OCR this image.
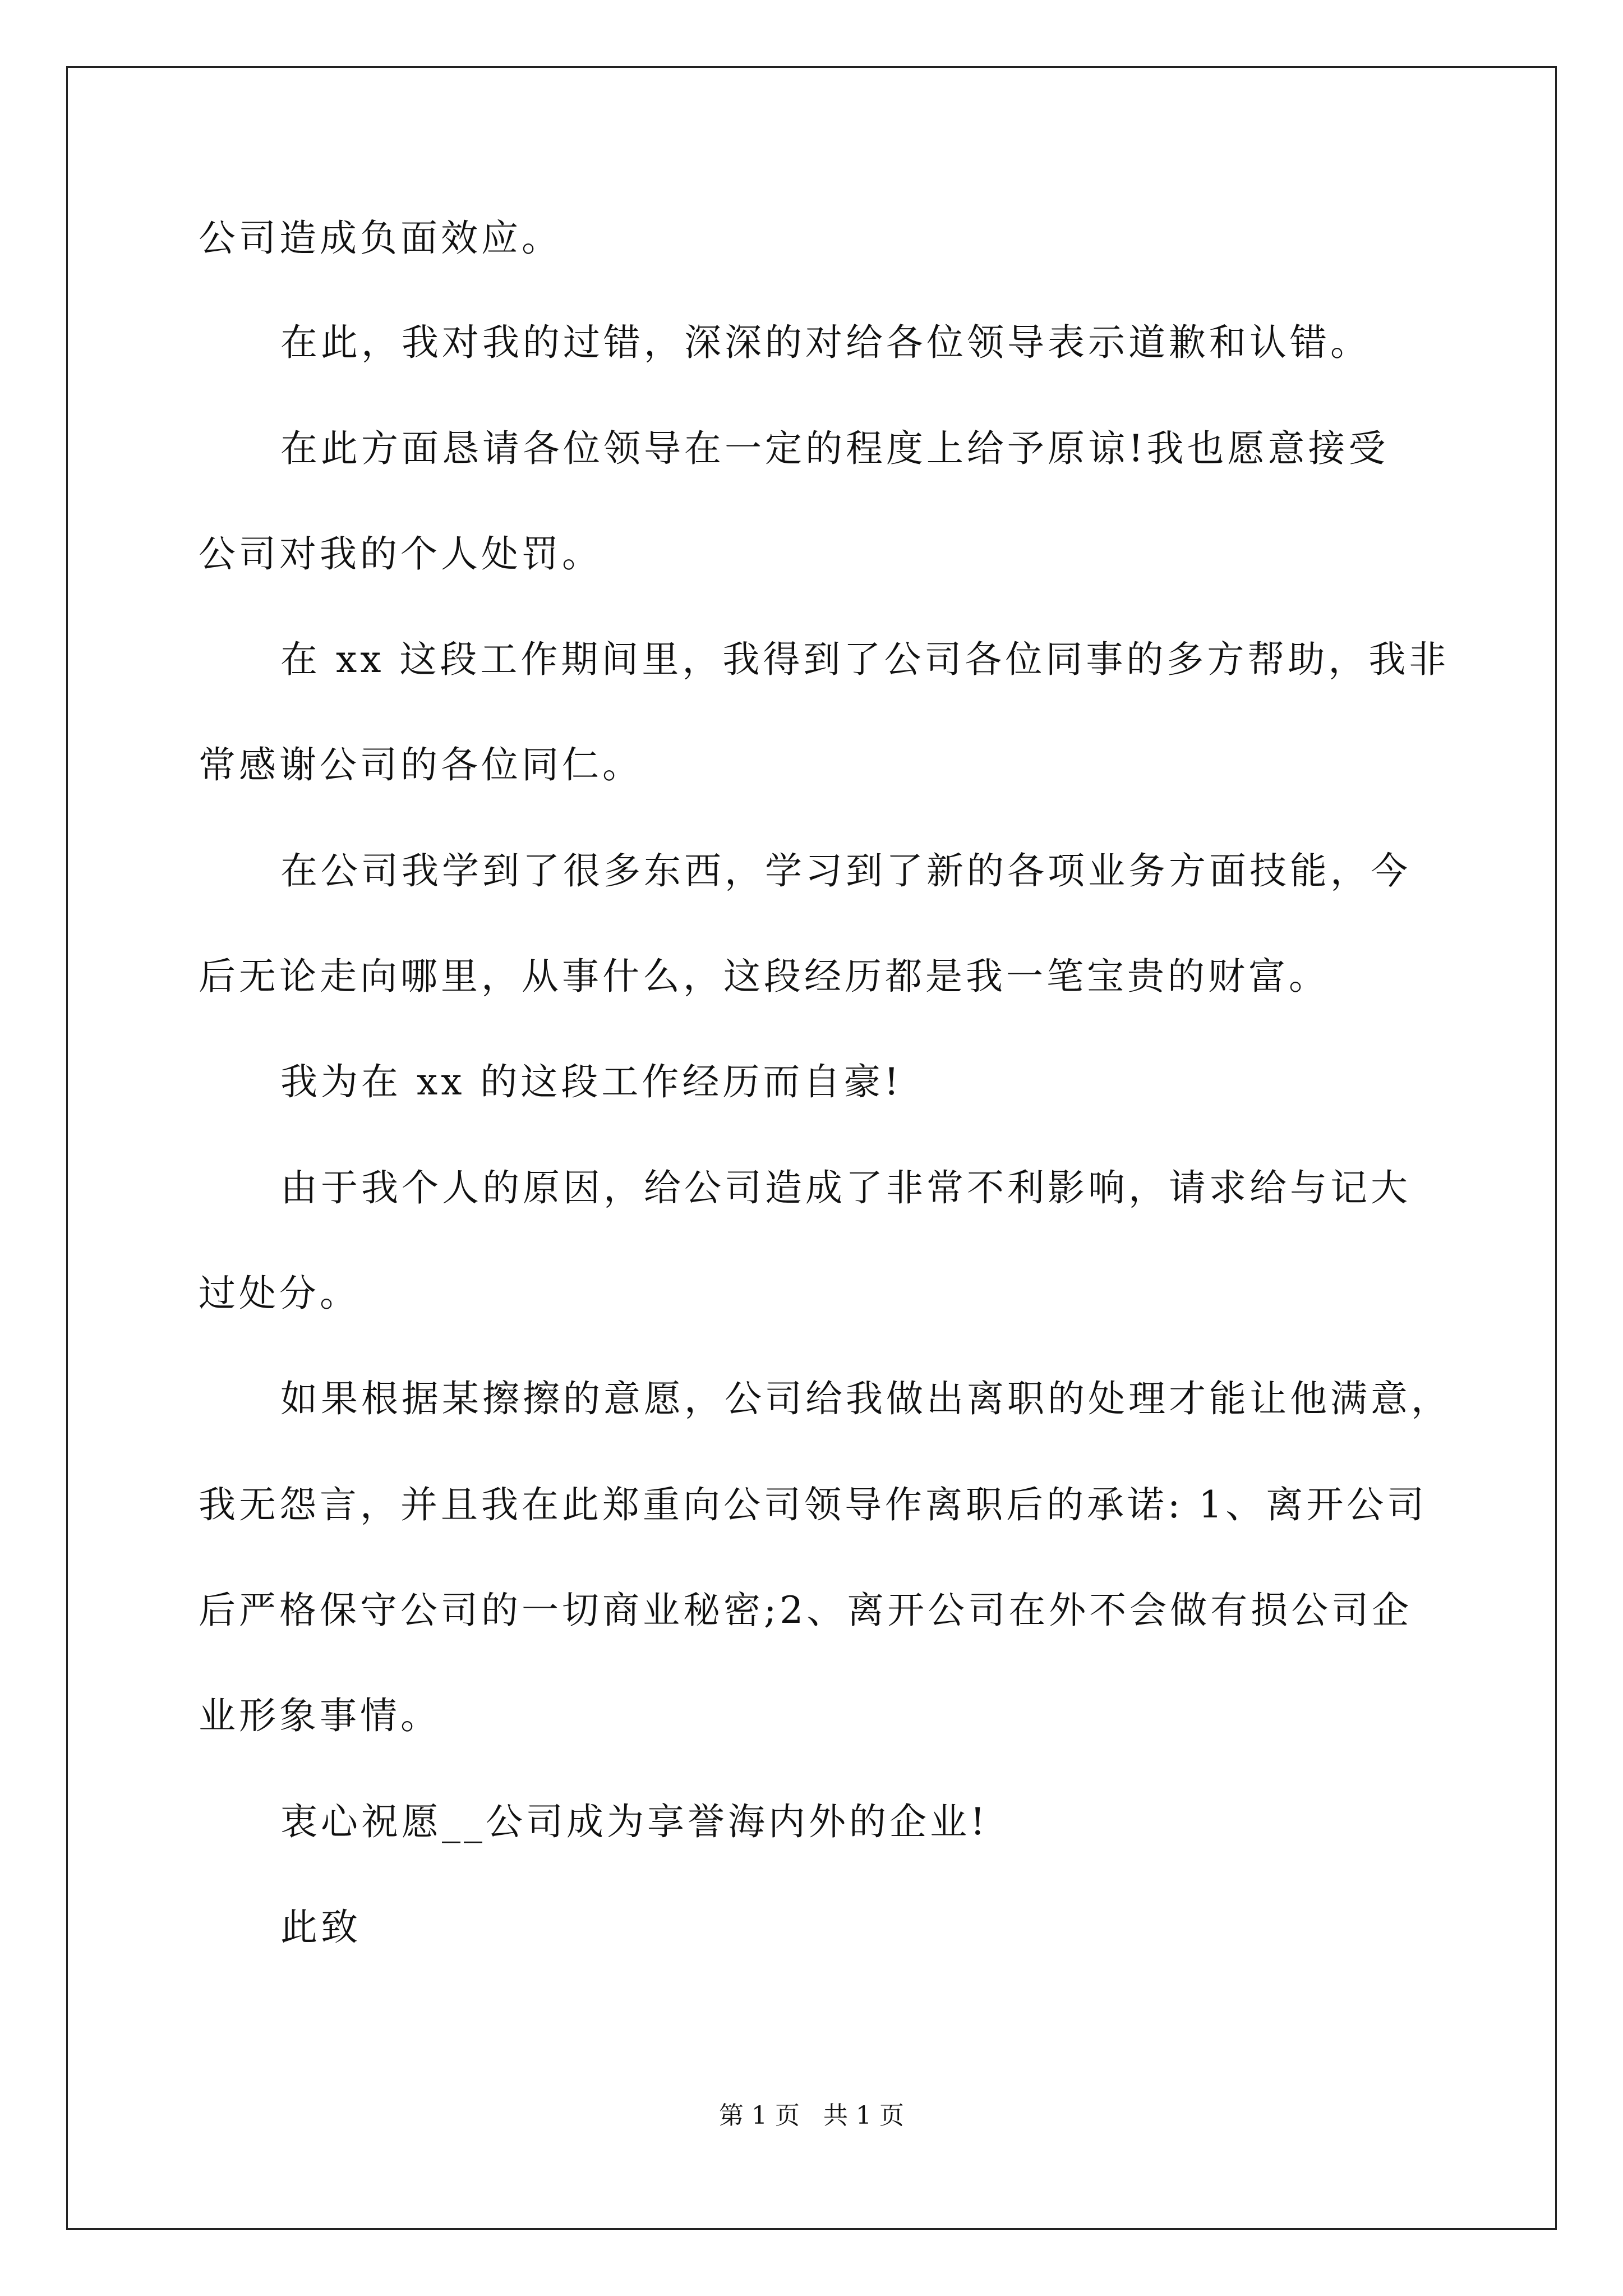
公司造成负面效应。
在此，我对我的过错，深深的对给各位领导表示道歉和认错。
在此方面恳请各位领导在一定的程度上给予原谅!我也愿意接受
公司对我的个人处罚。
在 xx 这段工作期间里，我得到了公司各位同事的多方帮助，我非
常感谢公司的各位同仁。
在公司我学到了很多东西，学习到了新的各项业务方面技能，今
后无论走向哪里，从事什么，这段经历都是我一笔宝贵的财富。
我为在 xx 的这段工作经历而自豪!
由于我个人的原因，给公司造成了非常不利影响，请求给与记大
过处分。
如果根据某擦擦的意愿，公司给我做出离职的处理才能让他满意，
我无怨言，并且我在此郑重向公司领导作离职后的承诺: 1、离开公司
后严格保守公司的一切商业秘密;2、离开公司在外不会做有损公司企
业形象事情。
衷心祝愿__公司成为享誉海内外的企业!
此致
第 1 页   共 1 页
